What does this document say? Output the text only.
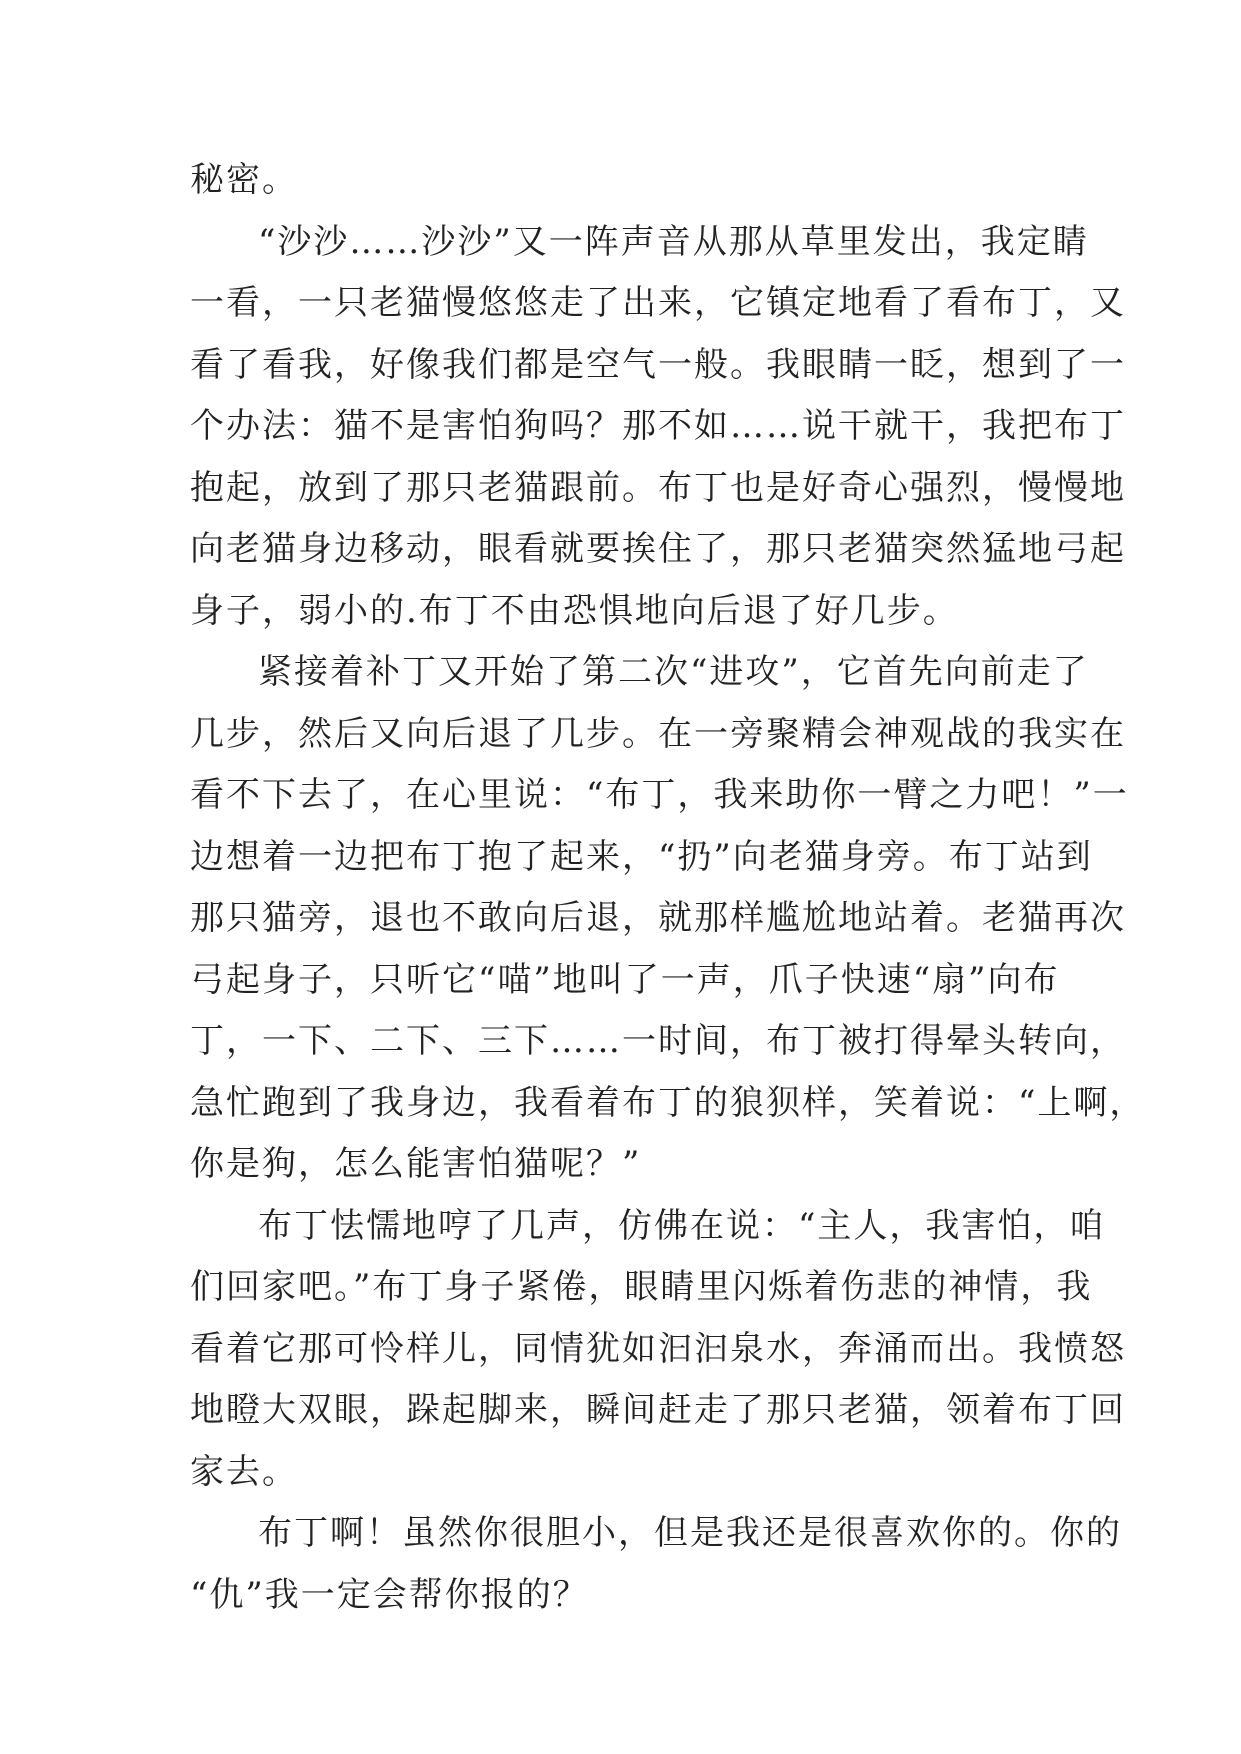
秘密。
“沙沙……沙沙”又一阵声音从那从草里发出，我定睛
一看，一只老猫慢悠悠走了出来，它镇定地看了看布丁，又
看了看我，好像我们都是空气一般。我眼睛一眨，想到了一
个办法：猫不是害怕狗吗？那不如……说干就干，我把布丁
抱起，放到了那只老猫跟前。布丁也是好奇心强烈，慢慢地
向老猫身边移动，眼看就要挨住了，那只老猫突然猛地弓起
身子，弱小的.布丁不由恐惧地向后退了好几步。
紧接着补丁又开始了第二次“进攻”，它首先向前走了
几步，然后又向后退了几步。在一旁聚精会神观战的我实在
看不下去了，在心里说：“布丁，我来助你一臂之力吧！”一
边想着一边把布丁抱了起来，“扔”向老猫身旁。布丁站到
那只猫旁，退也不敢向后退，就那样尴尬地站着。老猫再次
弓起身子，只听它“喵”地叫了一声，爪子快速“扇”向布
丁，一下、二下、三下……一时间，布丁被打得晕头转向，
急忙跑到了我身边，我看着布丁的狼狈样，笑着说：“上啊，
你是狗，怎么能害怕猫呢？”
布丁怯懦地哼了几声，仿佛在说：“主人，我害怕，咱
们回家吧。”布丁身子紧倦，眼睛里闪烁着伤悲的神情，我
看着它那可怜样儿，同情犹如汩汩泉水，奔涌而出。我愤怒
地瞪大双眼，跺起脚来，瞬间赶走了那只老猫，领着布丁回
家去。
布丁啊！虽然你很胆小，但是我还是很喜欢你的。你的
“仇”我一定会帮你报的？
